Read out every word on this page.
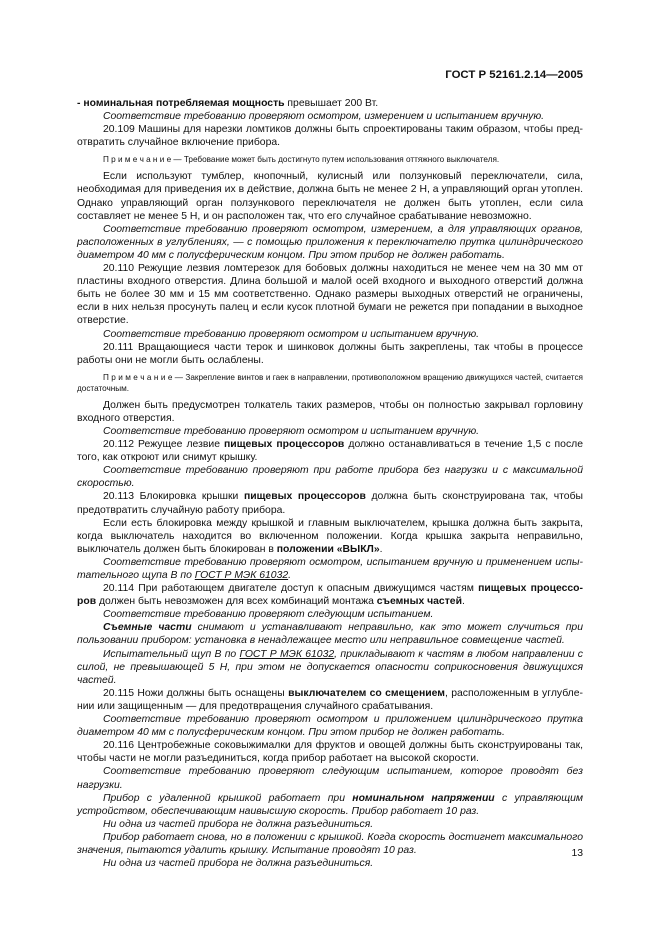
ГОСТ Р 52161.2.14—2005

- номинальная потребляемая мощность превышает 200 Вт.

Соответствие требованию проверяют осмотром, измерением и испытанием вручную.

20.109 Машины для нарезки ломтиков должны быть спроектированы таким образом, чтобы предотвратить случайное включение прибора.

П р и м е ч а н и е — Требование может быть достигнуто путем использования оттяжного выключателя.

Если используют тумблер, кнопочный, кулисный или ползунковый переключатели, сила, необходимая для приведения их в действие, должна быть не менее 2 Н, а управляющий орган утоплен. Однако управляющий орган ползункового переключателя не должен быть утоплен, если сила составляет не менее 5 Н, и он расположен так, что его случайное срабатывание невозможно.

Соответствие требованию проверяют осмотром, измерением, а для управляющих органов, расположенных в углублениях, — с помощью приложения к переключателю прутка цилиндрического диаметром 40 мм с полусферическим концом. При этом прибор не должен работать.

20.110 Режущие лезвия ломтерезок для бобовых должны находиться не менее чем на 30 мм от пластины входного отверстия. Длина большой и малой осей входного и выходного отверстий должна быть не более 30 мм и 15 мм соответственно. Однако размеры выходных отверстий не ограничены, если в них нельзя просунуть палец и если кусок плотной бумаги не режется при попадании в выходное отверстие.

Соответствие требованию проверяют осмотром и испытанием вручную.

20.111 Вращающиеся части терок и шинковок должны быть закреплены, так чтобы в процессе работы они не могли быть ослаблены.

П р и м е ч а н и е — Закрепление винтов и гаек в направлении, противоположном вращению движущихся частей, считается достаточным.

Должен быть предусмотрен толкатель таких размеров, чтобы он полностью закрывал горловину входного отверстия.

Соответствие требованию проверяют осмотром и испытанием вручную.

20.112 Режущее лезвие пищевых процессоров должно останавливаться в течение 1,5 с после того, как откроют или снимут крышку.

Соответствие требованию проверяют при работе прибора без нагрузки и с максимальной скоростью.

20.113 Блокировка крышки пищевых процессоров должна быть сконструирована так, чтобы предотвратить случайную работу прибора.

Если есть блокировка между крышкой и главным выключателем, крышка должна быть закрыта, когда выключатель находится во включенном положении. Когда крышка закрыта неправильно, выключатель должен быть блокирован в положении «ВЫКЛ».

Соответствие требованию проверяют осмотром, испытанием вручную и применением испытательного щупа В по ГОСТ Р МЭК 61032.

20.114 При работающем двигателе доступ к опасным движущимся частям пищевых процессоров должен быть невозможен для всех комбинаций монтажа съемных частей.

Соответствие требованию проверяют следующим испытанием.

Съемные части снимают и устанавливают неправильно, как это может случиться при пользовании прибором: установка в ненадлежащее место или неправильное совмещение частей.

Испытательный щуп В по ГОСТ Р МЭК 61032, прикладывают к частям в любом направлении с силой, не превышающей 5 Н, при этом не допускается опасности соприкосновения движущихся частей.

20.115 Ножи должны быть оснащены выключателем со смещением, расположенным в углублении или защищенным — для предотвращения случайного срабатывания.

Соответствие требованию проверяют осмотром и приложением цилиндрического прутка диаметром 40 мм с полусферическим концом. При этом прибор не должен работать.

20.116 Центробежные соковыжималки для фруктов и овощей должны быть сконструированы так, чтобы части не могли разъединиться, когда прибор работает на высокой скорости.

Соответствие требованию проверяют следующим испытанием, которое проводят без нагрузки.

Прибор с удаленной крышкой работает при номинальном напряжении с управляющим устройством, обеспечивающим наивысшую скорость. Прибор работает 10 раз.

Ни одна из частей прибора не должна разъединиться.

Прибор работает снова, но в положении с крышкой. Когда скорость достигнет максимального значения, пытаются удалить крышку. Испытание проводят 10 раз.

Ни одна из частей прибора не должна разъединиться.

13
